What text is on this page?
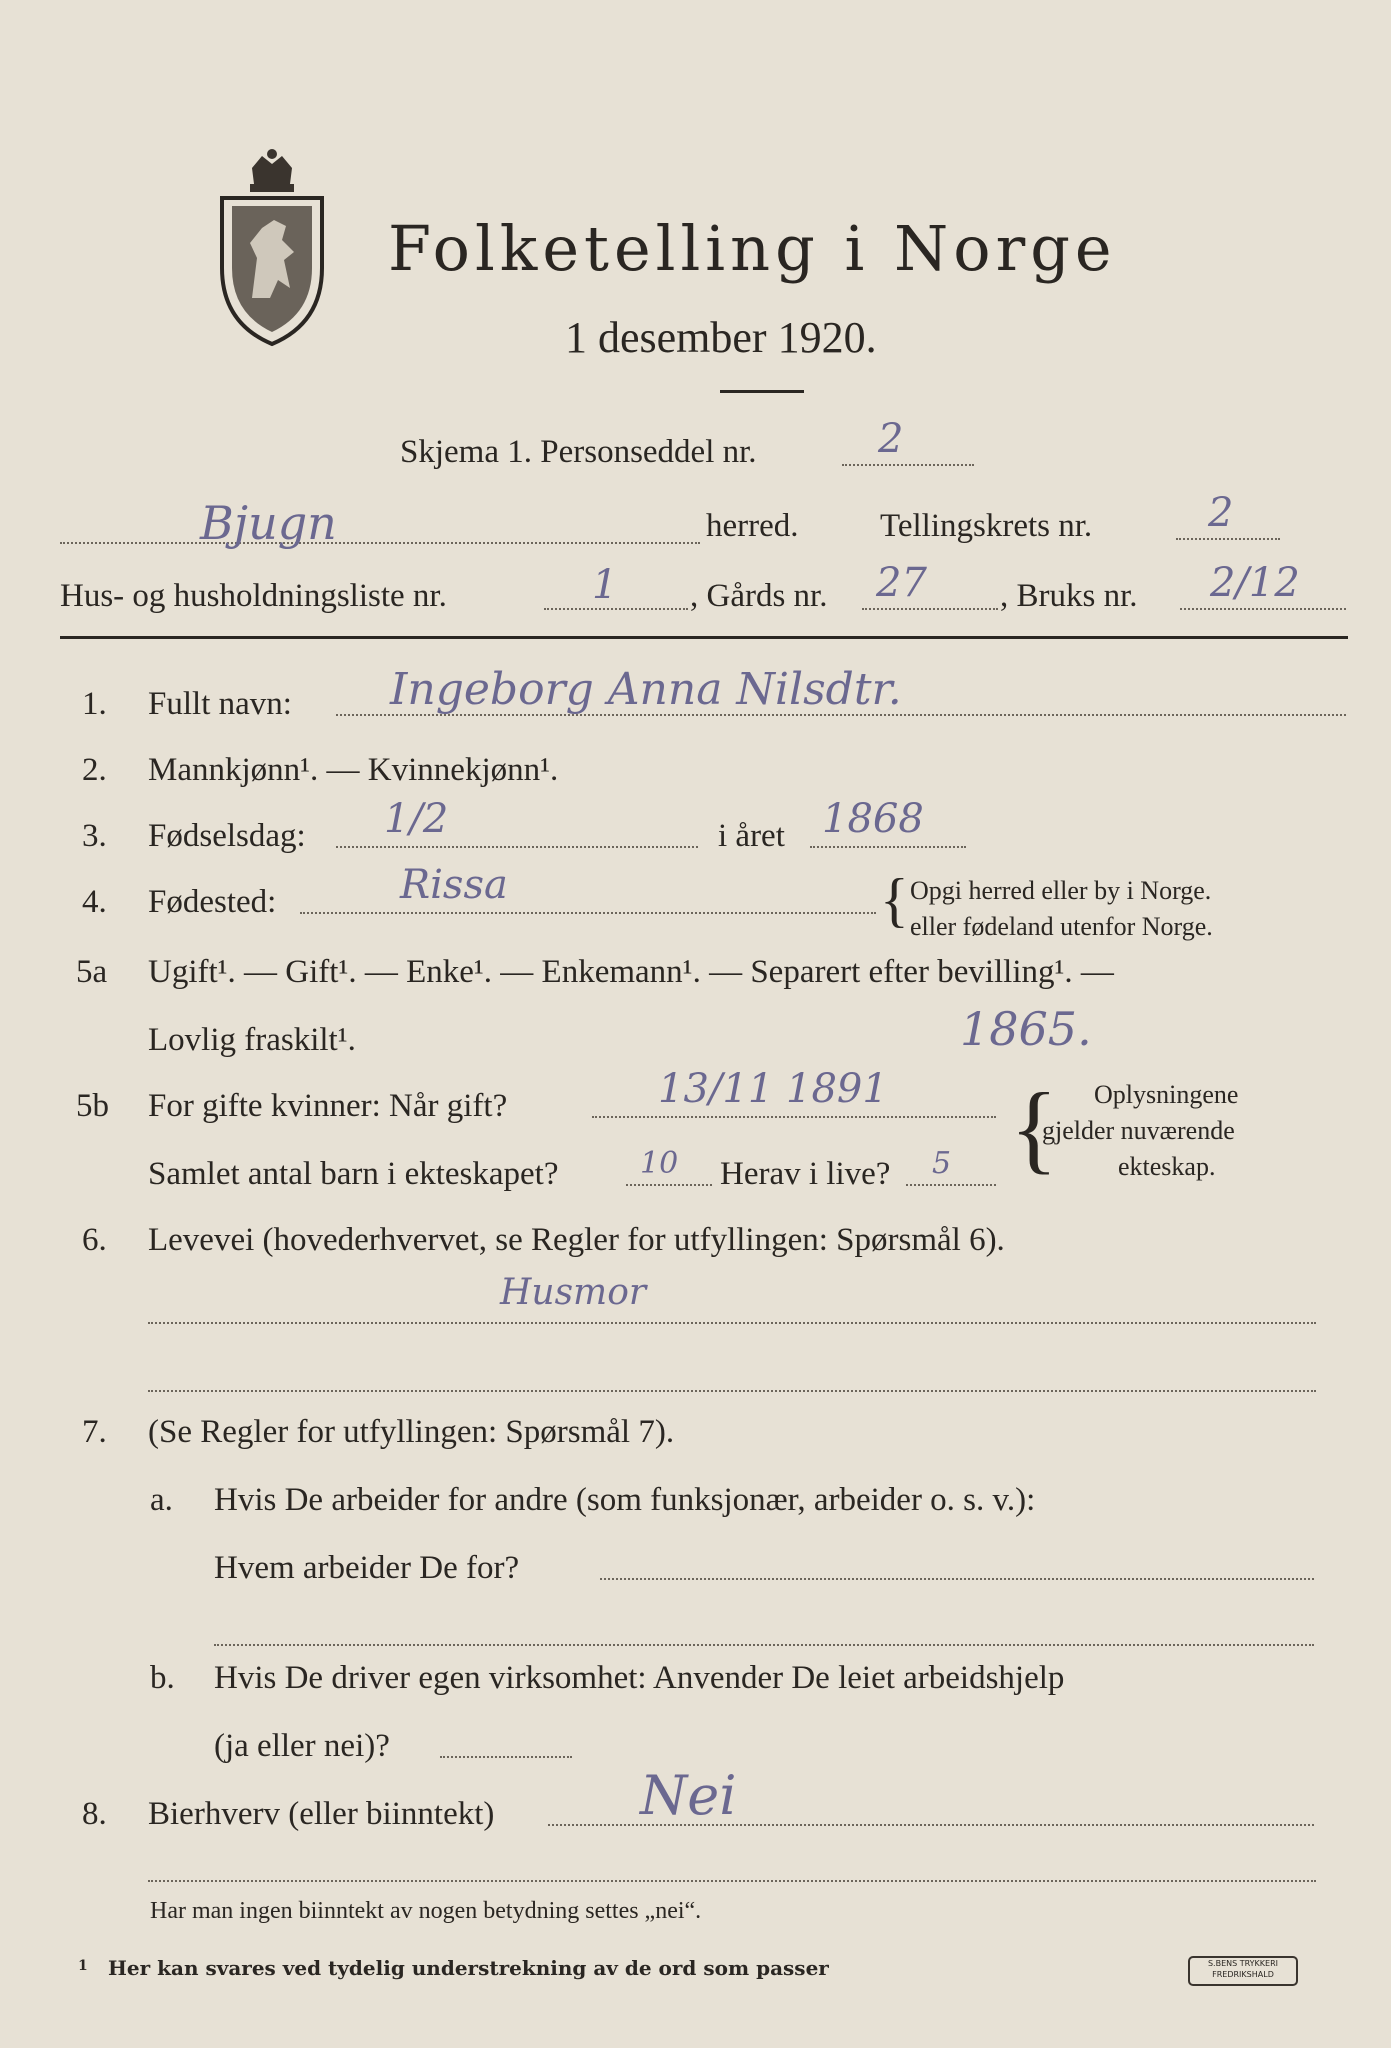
Folketelling i Norge
1 desember 1920.
Skjema 1. Personseddel nr.	2
Bjugn	herred. Tellingskrets nr.	2
Hus- og husholdningsliste nr.	1 , Gårds nr. 27 , Bruks nr. 2/12
1. Fullt navn: Ingeborg Anna Nilsdtr.
2. Mannkjønn¹. — Kvinnekjønn¹.
3. Fødselsdag: 1/2	i året 1868
4. Fødested:	Rissa	{ Opgi herred eller by i Norge.
eller fødeland utenfor Norge.
5a Ugift¹. — Gift¹. — Enke¹. — Enkemann¹. — Separert efter bevilling¹. —
Lovlig fraskilt¹.	1865.
5b For gifte kvinner: Når gift?	13/11 1891
Samlet antal barn i ekteskapet?	10 Herav i live? 5 { Oplysningene
gjelder nuværende
ekteskap.
6. Levevei (hovederhvervet, se Regler for utfyllingen: Spørsmål 6).
Husmor
7. (Se Regler for utfyllingen: Spørsmål 7).
a. Hvis De arbeider for andre (som funksjonær, arbeider o. s. v.):
Hvem arbeider De for?
b. Hvis De driver egen virksomhet: Anvender De leiet arbeidshjelp
(ja eller nei)?
8. Bierhverv (eller biinntekt)	Nei
Har man ingen biinntekt av nogen betydning settes „nei“.
1 Her kan svares ved tydelig understrekning av de ord som passer	S.BENS TRYKKERI FREDRIKSHALD
